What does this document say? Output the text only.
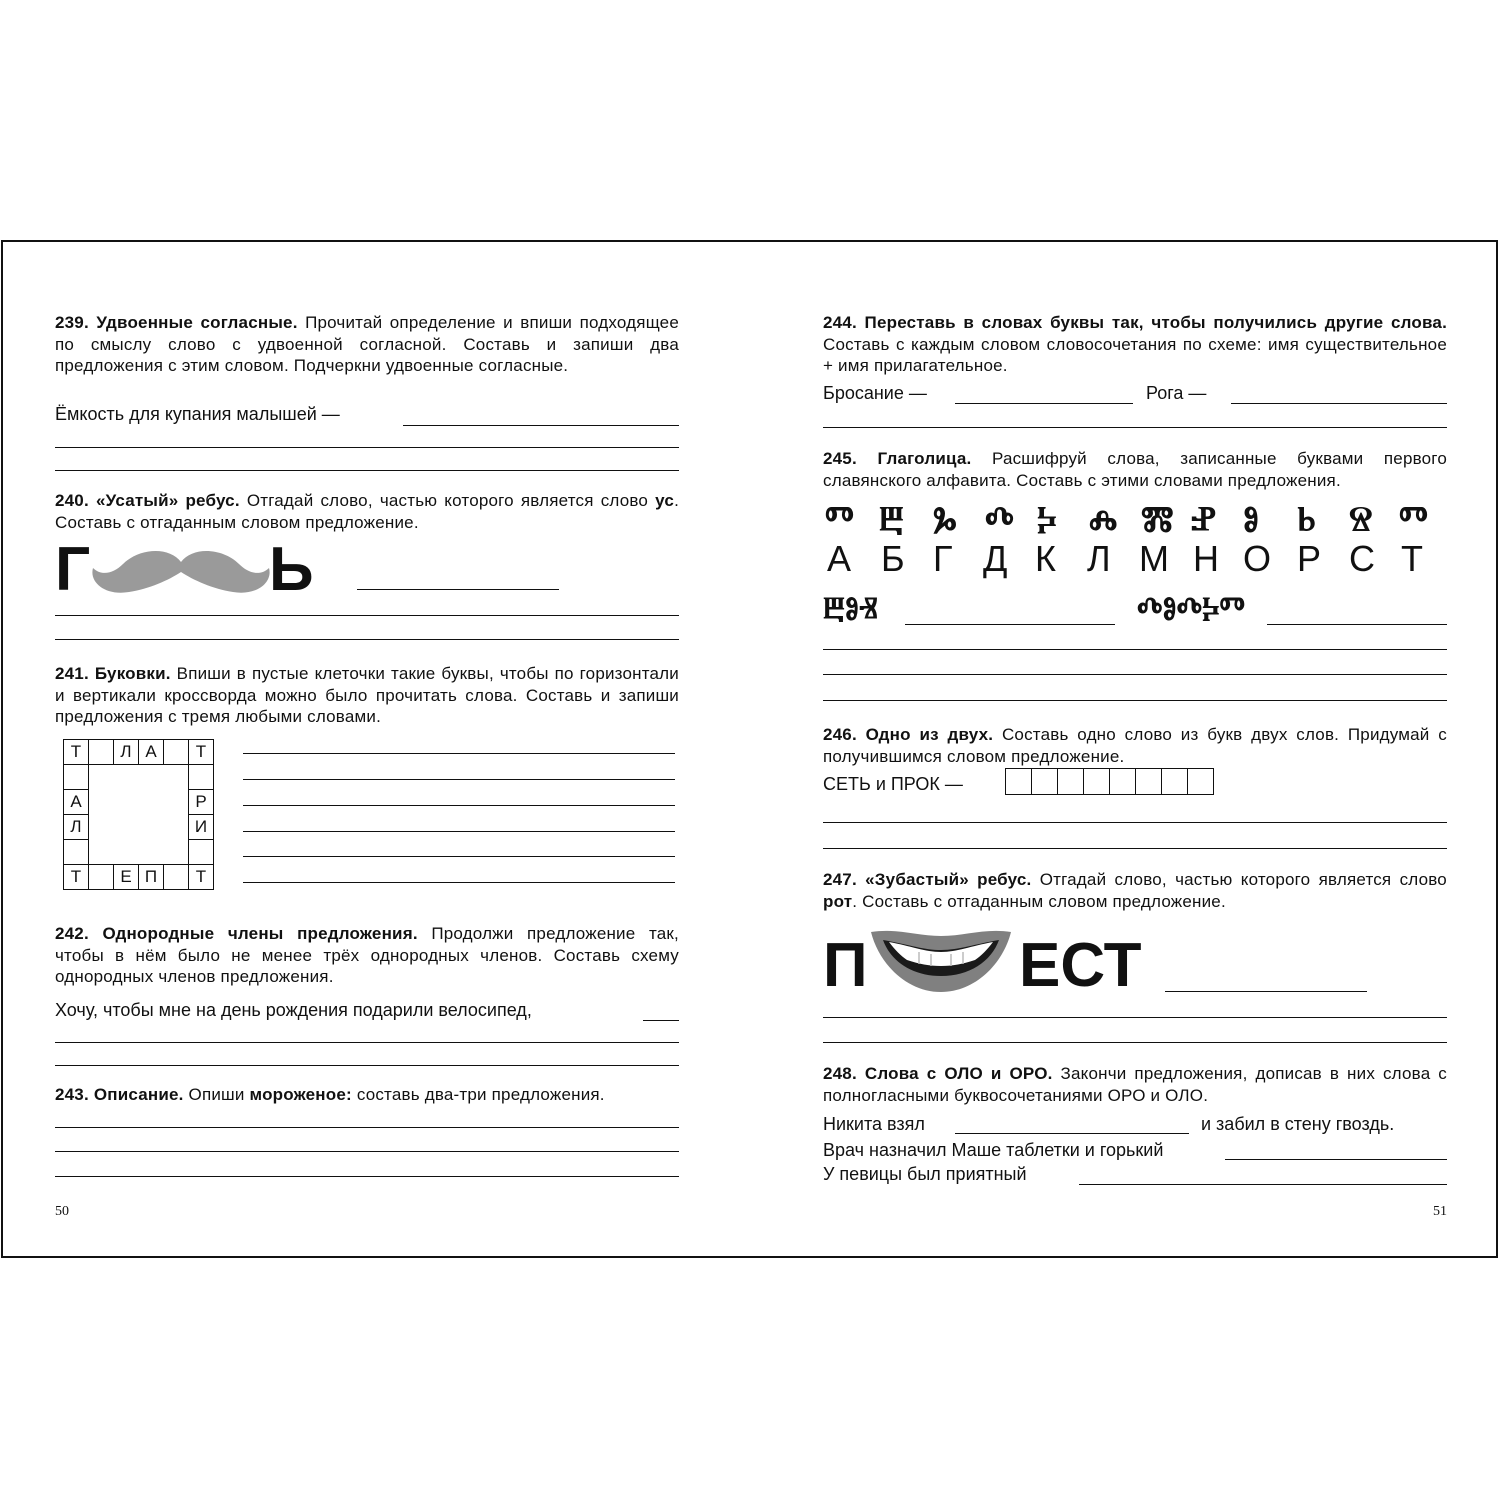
239. Удвоенные согласные. Прочитай определение и впиши подходящее по смыслу слово с удвоенной согласной. Составь и запиши два предложения с этим словом. Подчеркни удвоенные согласные.
Ёмкость для купания малышей —
240. «Усатый» ребус. Отгадай слово, частью которого является слово ус. Составь с отгаданным словом предложение.
Г	Ь
241. Буковки. Впиши в пустые клеточки такие буквы, чтобы по горизонтали и вертикали кроссворда можно было прочитать слова. Составь и запиши предложения с тремя любыми словами.
Т		Л	А		Т

А					Р
Л					И

Т		Е	П		Т
242. Однородные члены предложения. Продолжи предложение так, чтобы в нём было не менее трёх однородных членов. Составь схему однородных членов предложения.
Хочу, чтобы мне на день рождения подарили велосипед,
243. Описание. Опиши мороженое: составь два-три предложения.
50
244. Переставь в словах буквы так, чтобы получились другие слова. Составь с каждым словом словосочетания по схеме: имя существительное + имя прилагательное.
Бросание —	Рога —
245. Глаголица. Расшифруй слова, записанные буквами первого славянского алфавита. Составь с этими словами предложения.
Ⱅ Ⰱ Ⰳ Ⰴ Ⰽ Ⰾ Ⰿ Ⱀ Ⱁ Ⱃ Ⱄ Ⱅ
А Б Г Д К Л М Н О Р С Т
ⰁⰑⰠ	ⰄⰑⰄⰍⰕ
246. Одно из двух. Составь одно слово из букв двух слов. Придумай с получившимся словом предложение.
СЕТЬ и ПРОК —

247. «Зубастый» ребус. Отгадай слово, частью которого является слово рот. Составь с отгаданным словом предложение.
П ЕСТ
248. Слова с ОЛО и ОРО. Закончи предложения, дописав в них слова с полногласными буквосочетаниями ОРО и ОЛО.
Никита взял	и забил в стену гвоздь.
Врач назначил Маше таблетки и горький
У певицы был приятный
51
